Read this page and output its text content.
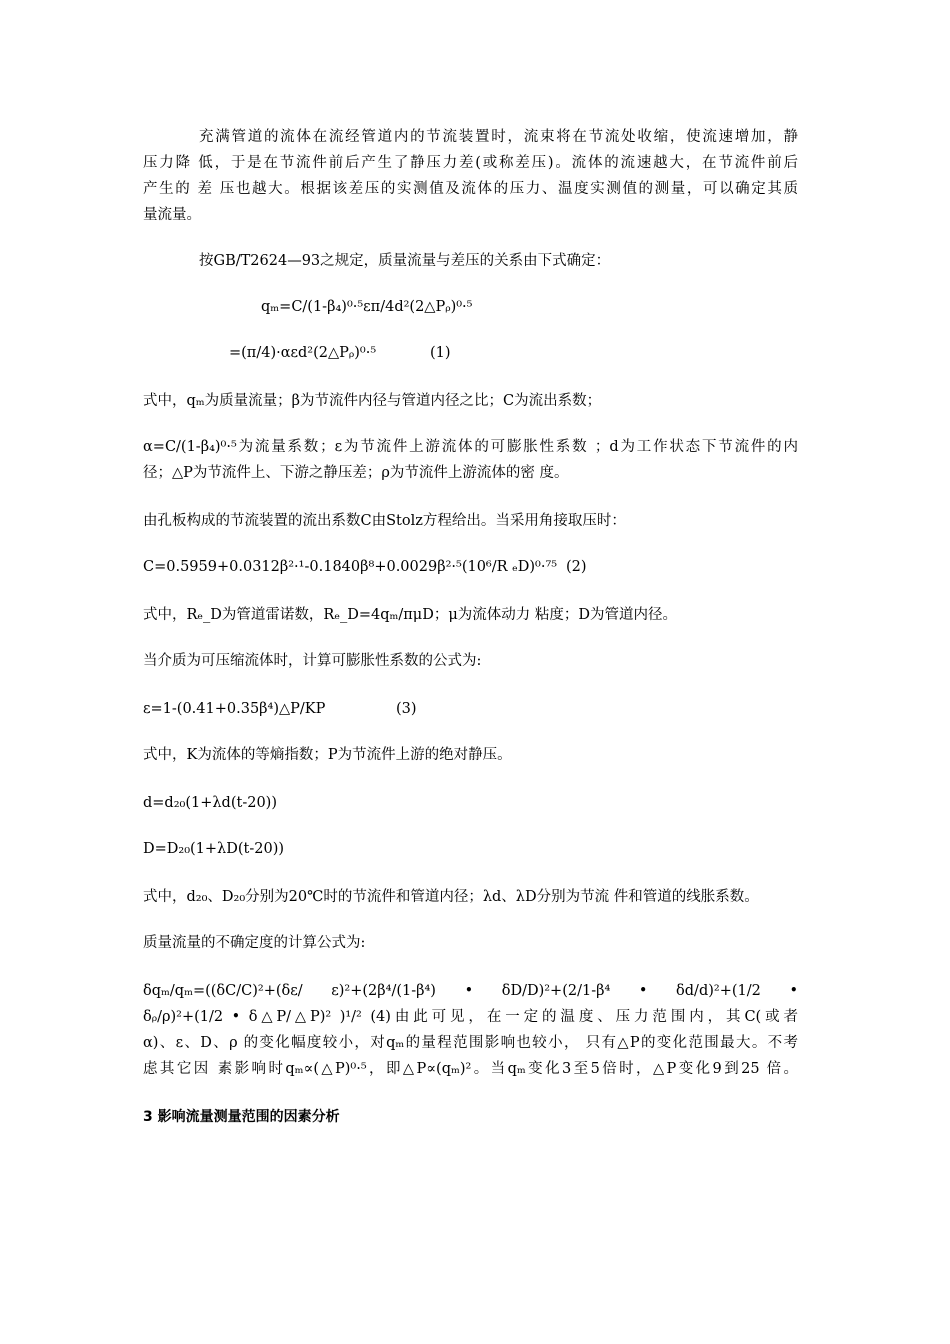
充满管道的流体在流经管道内的节流装置时，流束将在节流处收缩，使流速增加，静
压力降 低，于是在节流件前后产生了静压力差(或称差压)。流体的流速越大，在节流件前后
产生的 差 压也越大。根据该差压的实测值及流体的压力、温度实测值的测量，可以确定其质
量流量。
按GB/T2624—93之规定，质量流量与差压的关系由下式确定：
qₘ=C/(1-β₄)⁰·⁵επ/4d²(2△Pᵨ)⁰·⁵
=(π/4)·αεd²(2△Pᵨ)⁰·⁵	(1)
式中，qₘ为质量流量；β为节流件内径与管道内径之比；C为流出系数；
α=C/(1-β₄)⁰·⁵为流量系数；ε为节流件上游流体的可膨胀性系数 ；d为工作状态下节流件的内
径；△P为节流件上、下游之静压差；ρ为节流件上游流体的密 度。
由孔板构成的节流装置的流出系数C由Stolz方程给出。当采用角接取压时：
C=0.5959+0.0312β²·¹-0.1840β⁸+0.0029β²·⁵(10⁶/R ₑD)⁰·⁷⁵ (2)
式中，Rₑ_D为管道雷诺数，Rₑ_D=4qₘ/πμD；μ为流体动力 粘度；D为管道内径。
当介质为可压缩流体时，计算可膨胀性系数的公式为:
ε=1-(0.41+0.35β⁴)△P/KP	(3)
式中，K为流体的等熵指数；P为节流件上游的绝对静压。
d=d₂₀(1+λd(t-20))
D=D₂₀(1+λD(t-20))
式中，d₂₀、D₂₀分别为20℃时的节流件和管道内径；λd、λD分别为节流 件和管道的线胀系数。
质量流量的不确定度的计算公式为:
δqₘ/qₘ=((δC/C)²+(δε/ ε)²+(2β⁴/(1-β⁴) • δD/D)²+(2/1-β⁴ • δd/d)²+(1/2 •
δᵨ/ρ)²+(1/2 • δ△P/△P)² )¹/² (4)由此可见，在一定的温度、压力范围内，其C(或者
α)、ε、D、ρ 的变化幅度较小，对qₘ的量程范围影响也较小， 只有△P的变化范围最大。不考
虑其它因 素影响时qₘ∝(△P)⁰·⁵，即△P∝(qₘ)²。当qₘ变化3至5倍时，△P变化9到25 倍。
3 影响流量测量范围的因素分析
